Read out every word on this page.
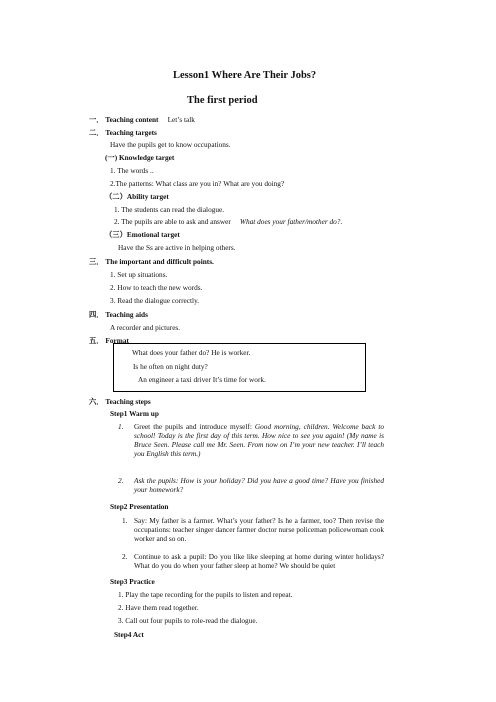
Lesson1 Where Are Their Jobs?
The first period
一． Teaching content Let’s talk
二． Teaching targets
Have the pupils get to know occupations.
(一) Knowledge target
1. The words ..
2.The patterns: What class are you in? What are you doing?
（二）Ability target
1. The students can read the dialogue.
2. The pupils are able to ask and answer What does your father/mother do?.
（三）Emotional target
Have the Ss are active in helping others.
三． The important and difficult points.
1. Set up situations.
2. How to teach the new words.
3. Read the dialogue correctly.
四． Teaching aids
A recorder and pictures.
五． Format
What does your father do? He is worker.
Is he often on night duty?
An engineer a taxi driver It’s time for work.
六． Teaching steps
Step1 Warm up
1. Greet the pupils and introduce myself: Good morning, children. Welcome back to school! Today is the first day of this term. How nice to see you again! (My name is Bruce Seen. Please call me Mr. Seen. From now on I’m your new teacher. I’ll teach you English this term.)
2. Ask the pupils: How is your holiday? Did you have a good time? Have you finished your homework?
Step2 Presentation
1. Say: My father is a farmer. What’s your father? Is he a farmer, too? Then revise the occupations: teacher singer dancer farmer doctor nurse policeman policewoman cook worker and so on.
2. Continue to ask a pupil: Do you like like sleeping at home during winter holidays? What do you do when your father sleep at home? We should be quiet
Step3 Practice
1. Play the tape recording for the pupils to listen and repeat.
2. Have them read together.
3. Call out four pupils to role-read the dialogue.
Step4 Act
